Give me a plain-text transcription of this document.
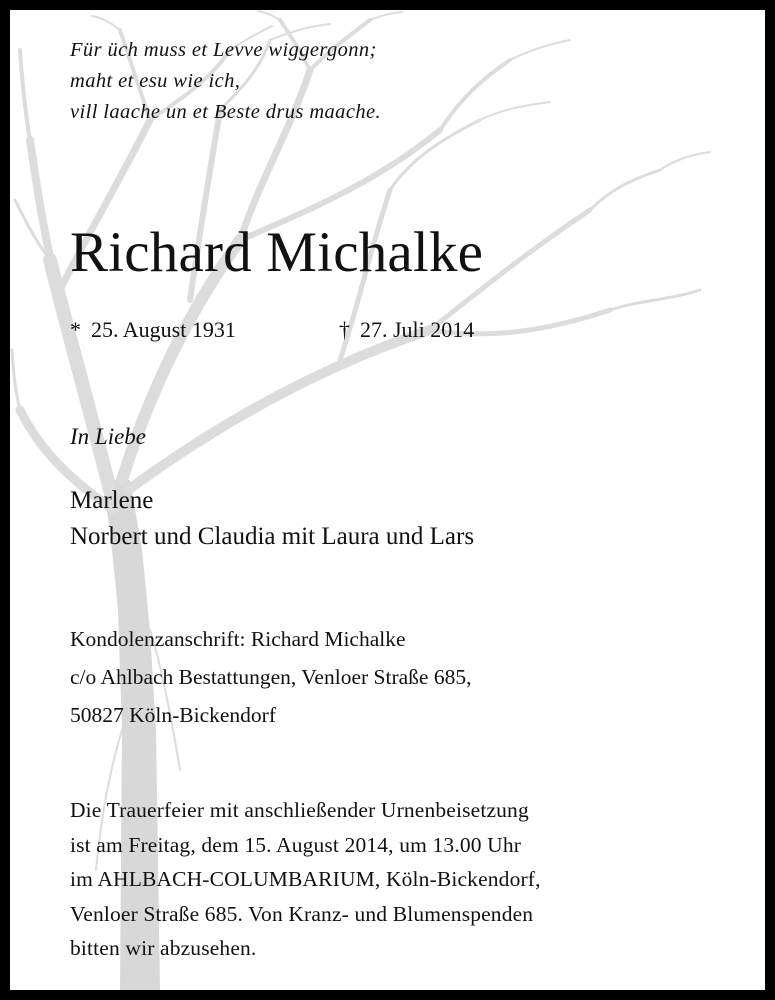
Für üch muss et Levve wiggergonn;
maht et esu wie ich,
vill laache un et Beste drus maache.
Richard Michalke
* 25. August 1931	† 27. Juli 2014
In Liebe
Marlene
Norbert und Claudia mit Laura und Lars
Kondolenzanschrift: Richard Michalke
c/o Ahlbach Bestattungen, Venloer Straße 685,
50827 Köln-Bickendorf
Die Trauerfeier mit anschließender Urnenbeisetzung
ist am Freitag, dem 15. August 2014, um 13.00 Uhr
im AHLBACH-COLUMBARIUM, Köln-Bickendorf,
Venloer Straße 685. Von Kranz- und Blumenspenden
bitten wir abzusehen.
